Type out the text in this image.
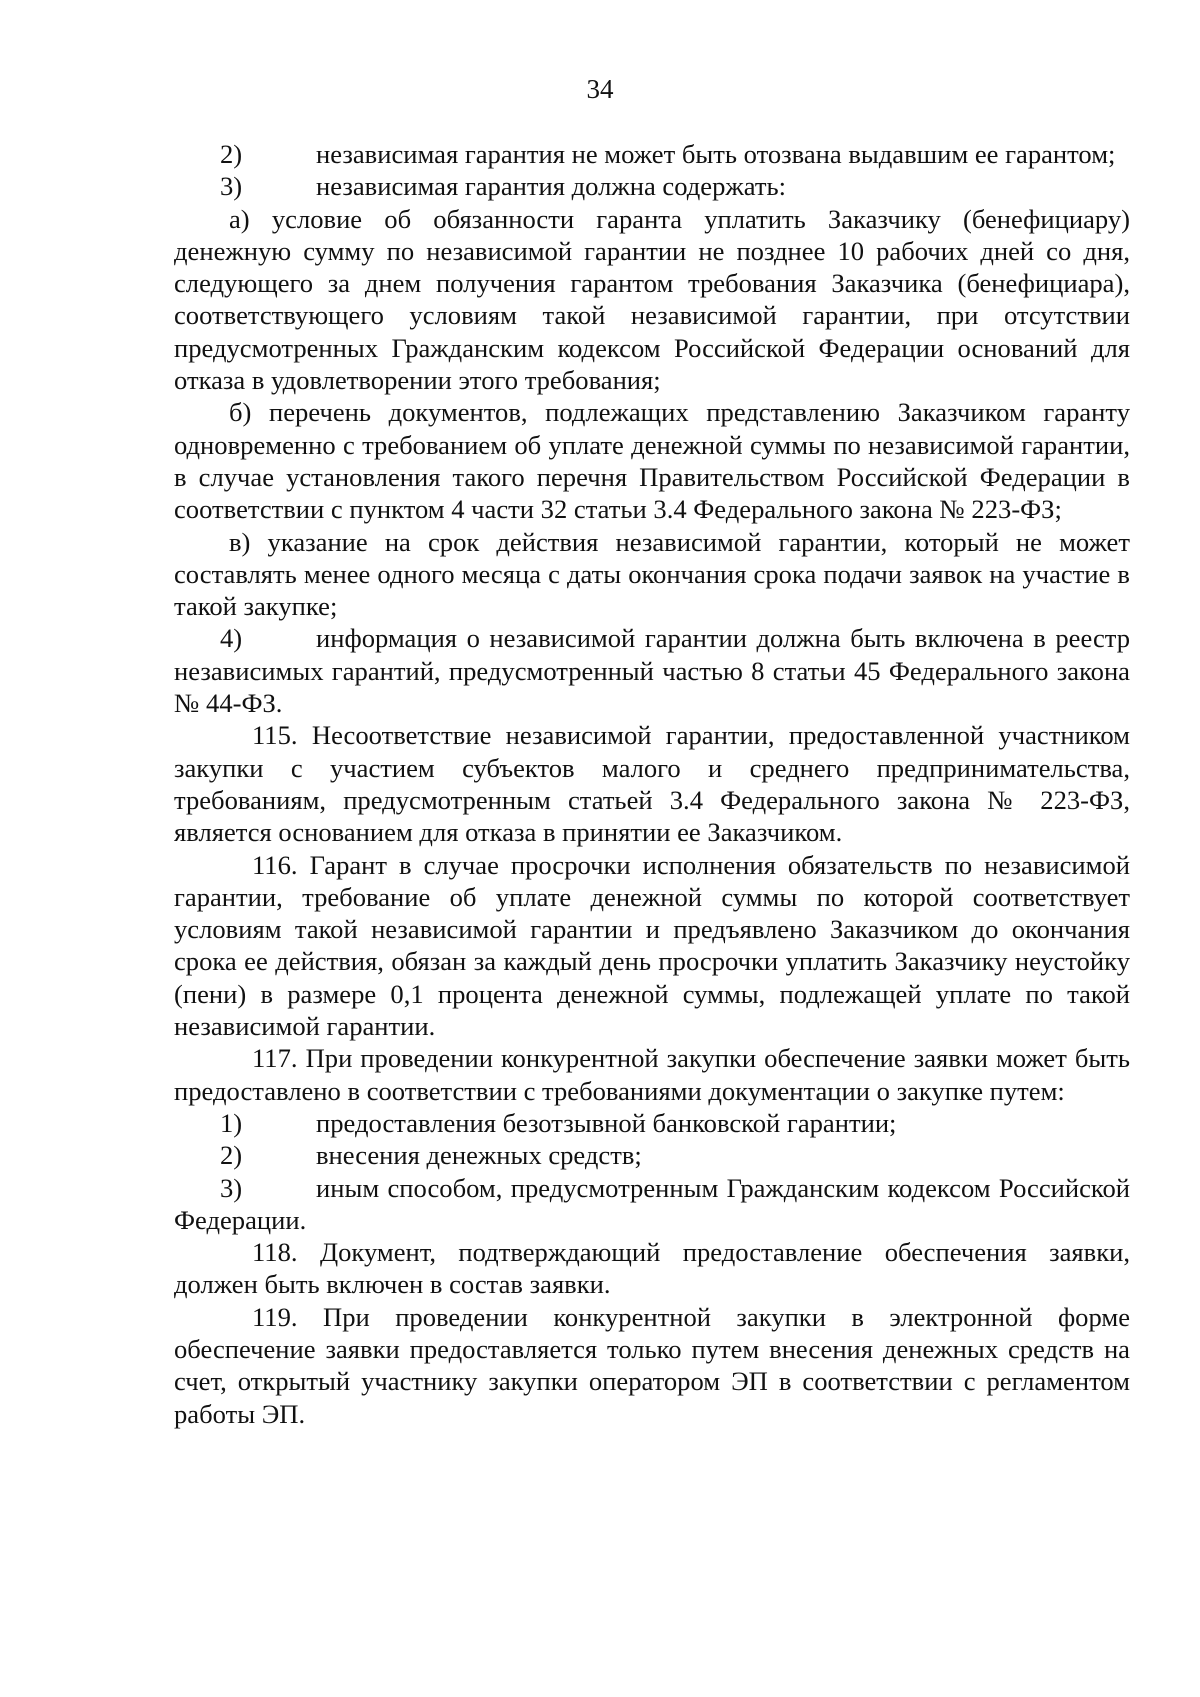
34

2)	независимая гарантия не может быть отозвана выдавшим ее гарантом;

3)	независимая гарантия должна содержать:

а) условие об обязанности гаранта уплатить Заказчику (бенефициару) денежную сумму по независимой гарантии не позднее 10 рабочих дней со дня, следующего за днем получения гарантом требования Заказчика (бенефициара), соответствующего условиям такой независимой гарантии, при отсутствии предусмотренных Гражданским кодексом Российской Федерации оснований для отказа в удовлетворении этого требования;

б) перечень документов, подлежащих представлению Заказчиком гаранту одновременно с требованием об уплате денежной суммы по независимой гарантии, в случае установления такого перечня Правительством Российской Федерации в соответствии с пунктом 4 части 32 статьи 3.4 Федерального закона № 223-ФЗ;

в) указание на срок действия независимой гарантии, который не может составлять менее одного месяца с даты окончания срока подачи заявок на участие в такой закупке;

4)	информация о независимой гарантии должна быть включена в реестр независимых гарантий, предусмотренный частью 8 статьи 45 Федерального закона № 44-ФЗ.

115. Несоответствие независимой гарантии, предоставленной участником закупки с участием субъектов малого и среднего предпринимательства, требованиям, предусмотренным статьей 3.4 Федерального закона № 223-ФЗ, является основанием для отказа в принятии ее Заказчиком.

116. Гарант в случае просрочки исполнения обязательств по независимой гарантии, требование об уплате денежной суммы по которой соответствует условиям такой независимой гарантии и предъявлено Заказчиком до окончания срока ее действия, обязан за каждый день просрочки уплатить Заказчику неустойку (пени) в размере 0,1 процента денежной суммы, подлежащей уплате по такой независимой гарантии.

117. При проведении конкурентной закупки обеспечение заявки может быть предоставлено в соответствии с требованиями документации о закупке путем:

1)	предоставления безотзывной банковской гарантии;

2)	внесения денежных средств;

3)	иным способом, предусмотренным Гражданским кодексом Российской Федерации.

118. Документ, подтверждающий предоставление обеспечения заявки, должен быть включен в состав заявки.

119. При проведении конкурентной закупки в электронной форме обеспечение заявки предоставляется только путем внесения денежных средств на счет, открытый участнику закупки оператором ЭП в соответствии с регламентом работы ЭП.
